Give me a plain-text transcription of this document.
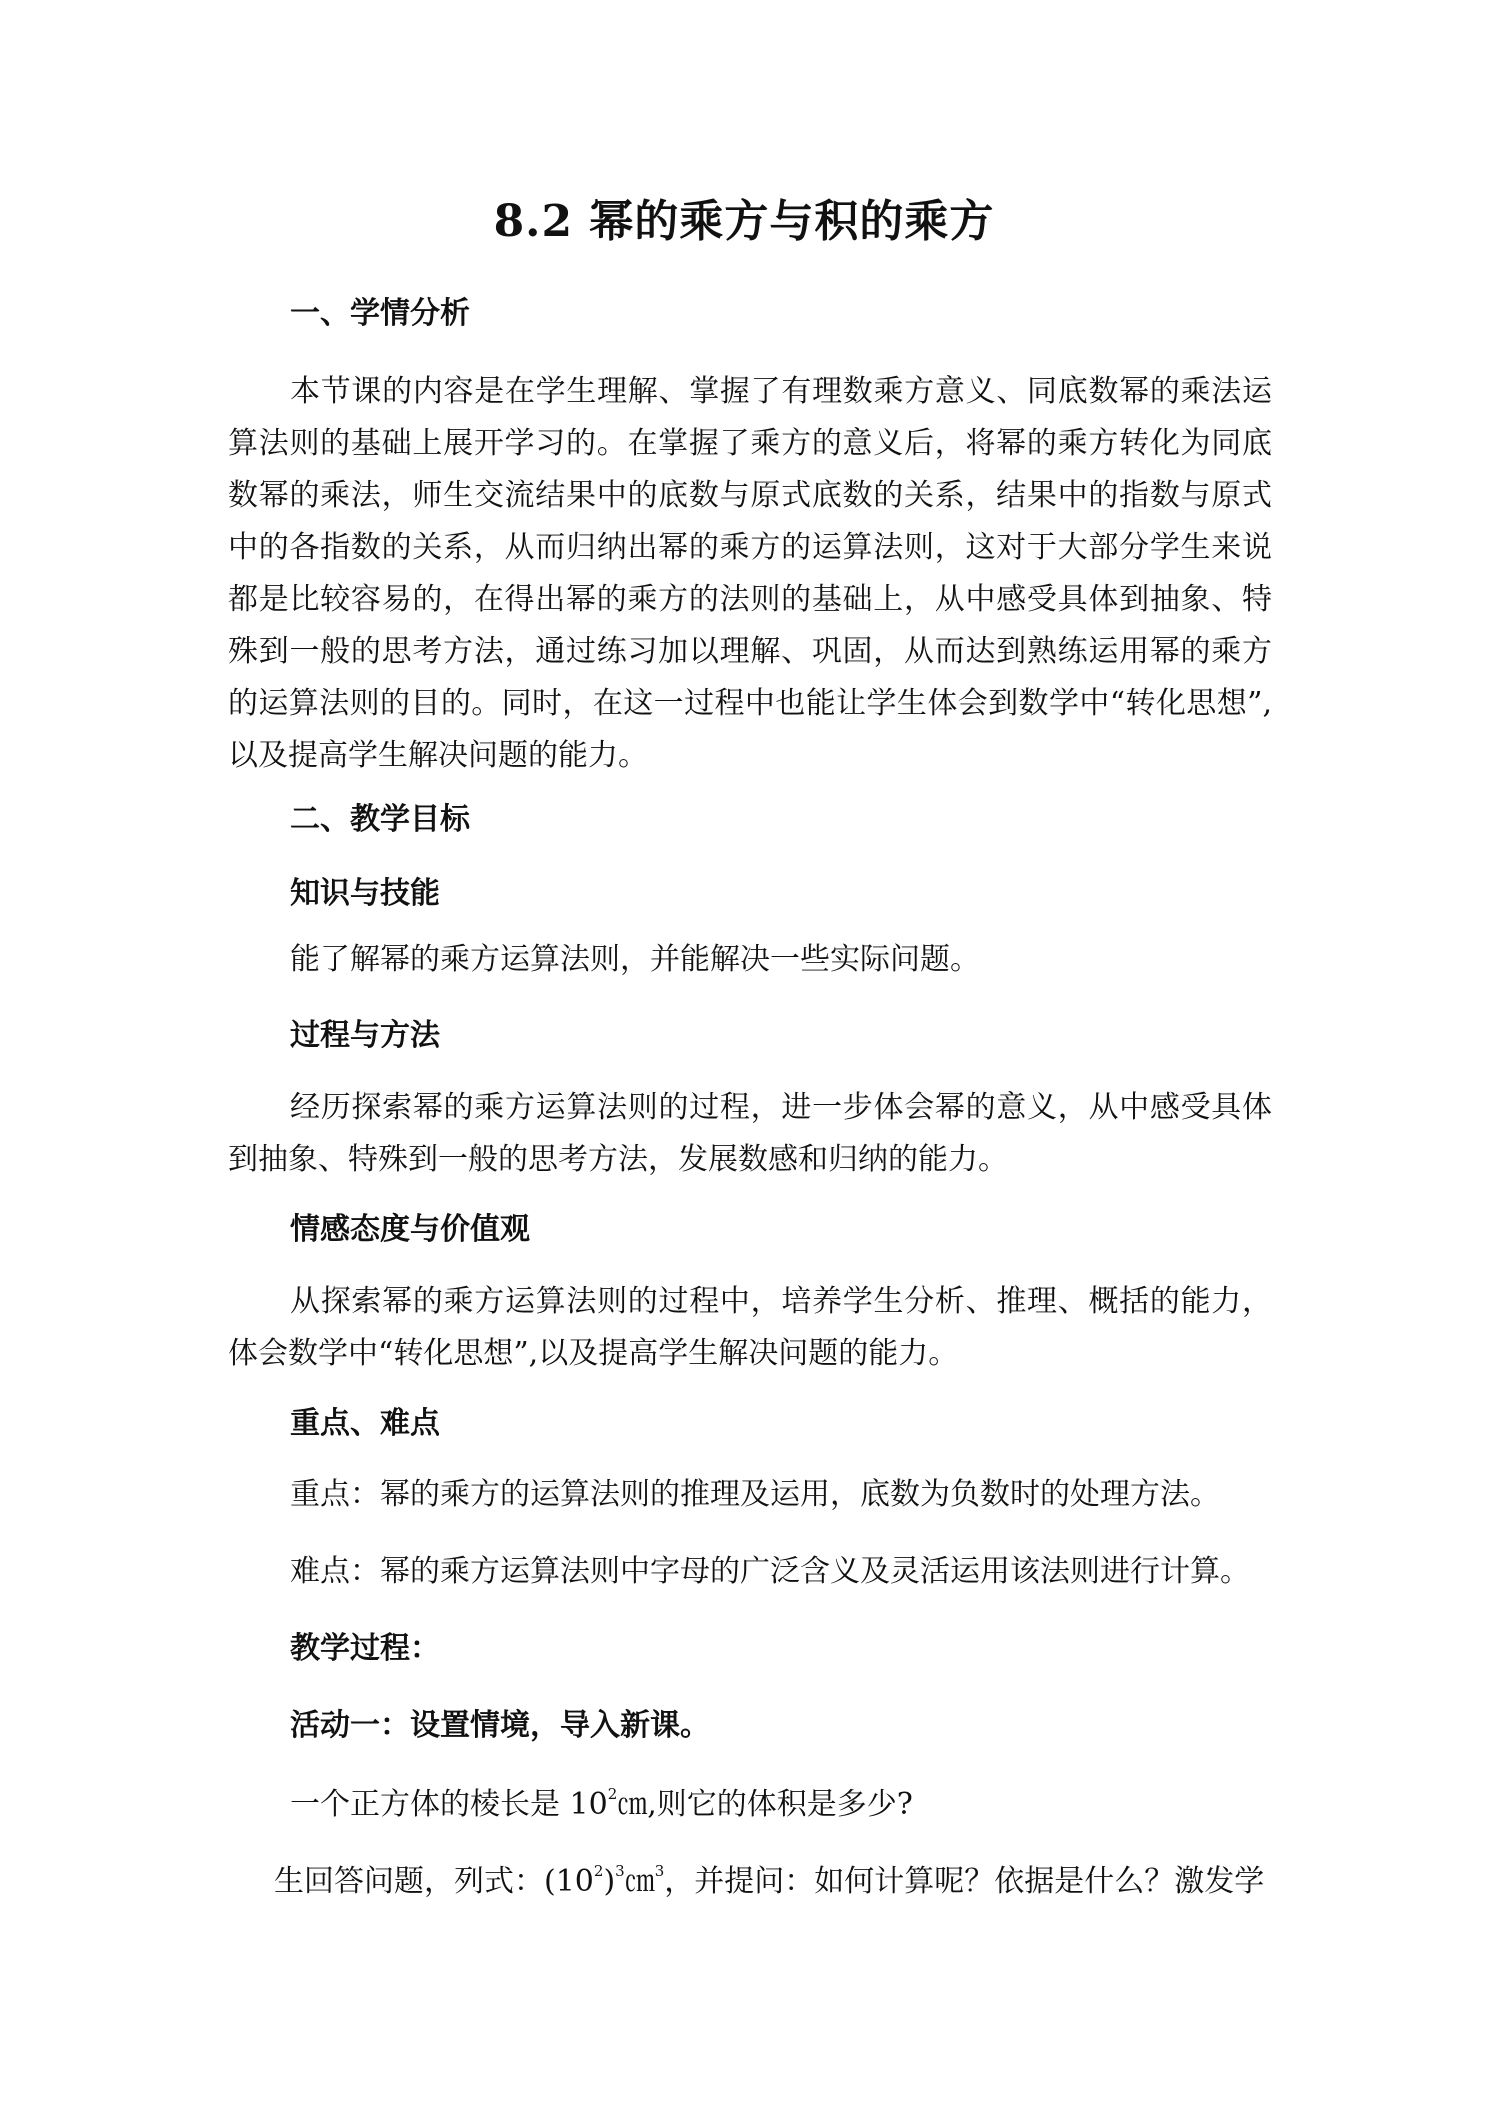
8.2 幂的乘方与积的乘方
一、学情分析
本节课的内容是在学生理解、掌握了有理数乘方意义、同底数幂的乘法运算法则的基础上展开学习的。在掌握了乘方的意义后，将幂的乘方转化为同底数幂的乘法，师生交流结果中的底数与原式底数的关系，结果中的指数与原式中的各指数的关系，从而归纳出幂的乘方的运算法则，这对于大部分学生来说都是比较容易的，在得出幂的乘方的法则的基础上，从中感受具体到抽象、特殊到一般的思考方法，通过练习加以理解、巩固，从而达到熟练运用幂的乘方的运算法则的目的。同时，在这一过程中也能让学生体会到数学中“转化思想”,以及提高学生解决问题的能力。
二、教学目标
知识与技能
能了解幂的乘方运算法则，并能解决一些实际问题。
过程与方法
经历探索幂的乘方运算法则的过程，进一步体会幂的意义，从中感受具体到抽象、特殊到一般的思考方法，发展数感和归纳的能力。
情感态度与价值观
从探索幂的乘方运算法则的过程中，培养学生分析、推理、概括的能力，体会数学中“转化思想”,以及提高学生解决问题的能力。
重点、难点
重点：幂的乘方的运算法则的推理及运用，底数为负数时的处理方法。
难点：幂的乘方运算法则中字母的广泛含义及灵活运用该法则进行计算。
教学过程：
活动一：设置情境，导入新课。
一个正方体的棱长是 $10^2㎝$,则它的体积是多少?
生回答问题，列式：$(10^2)^3㎝^3$，并提问：如何计算呢？依据是什么？激发学
